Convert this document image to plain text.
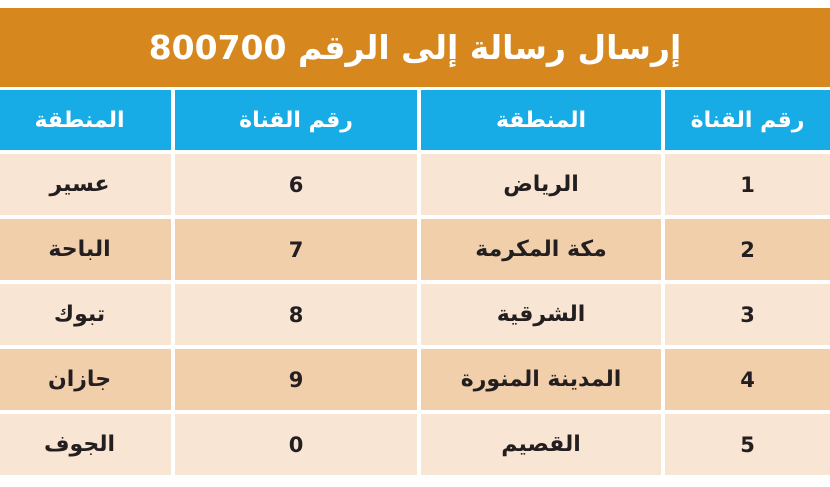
إرسال رسالة إلى الرقم 800700
رقم القناة
المنطقة
رقم القناة
المنطقة
1
الرياض
6
عسير
2
مكة المكرمة
7
الباحة
3
الشرقية
8
تبوك
4
المدينة المنورة
9
جازان
5
القصيم
0
الجوف
